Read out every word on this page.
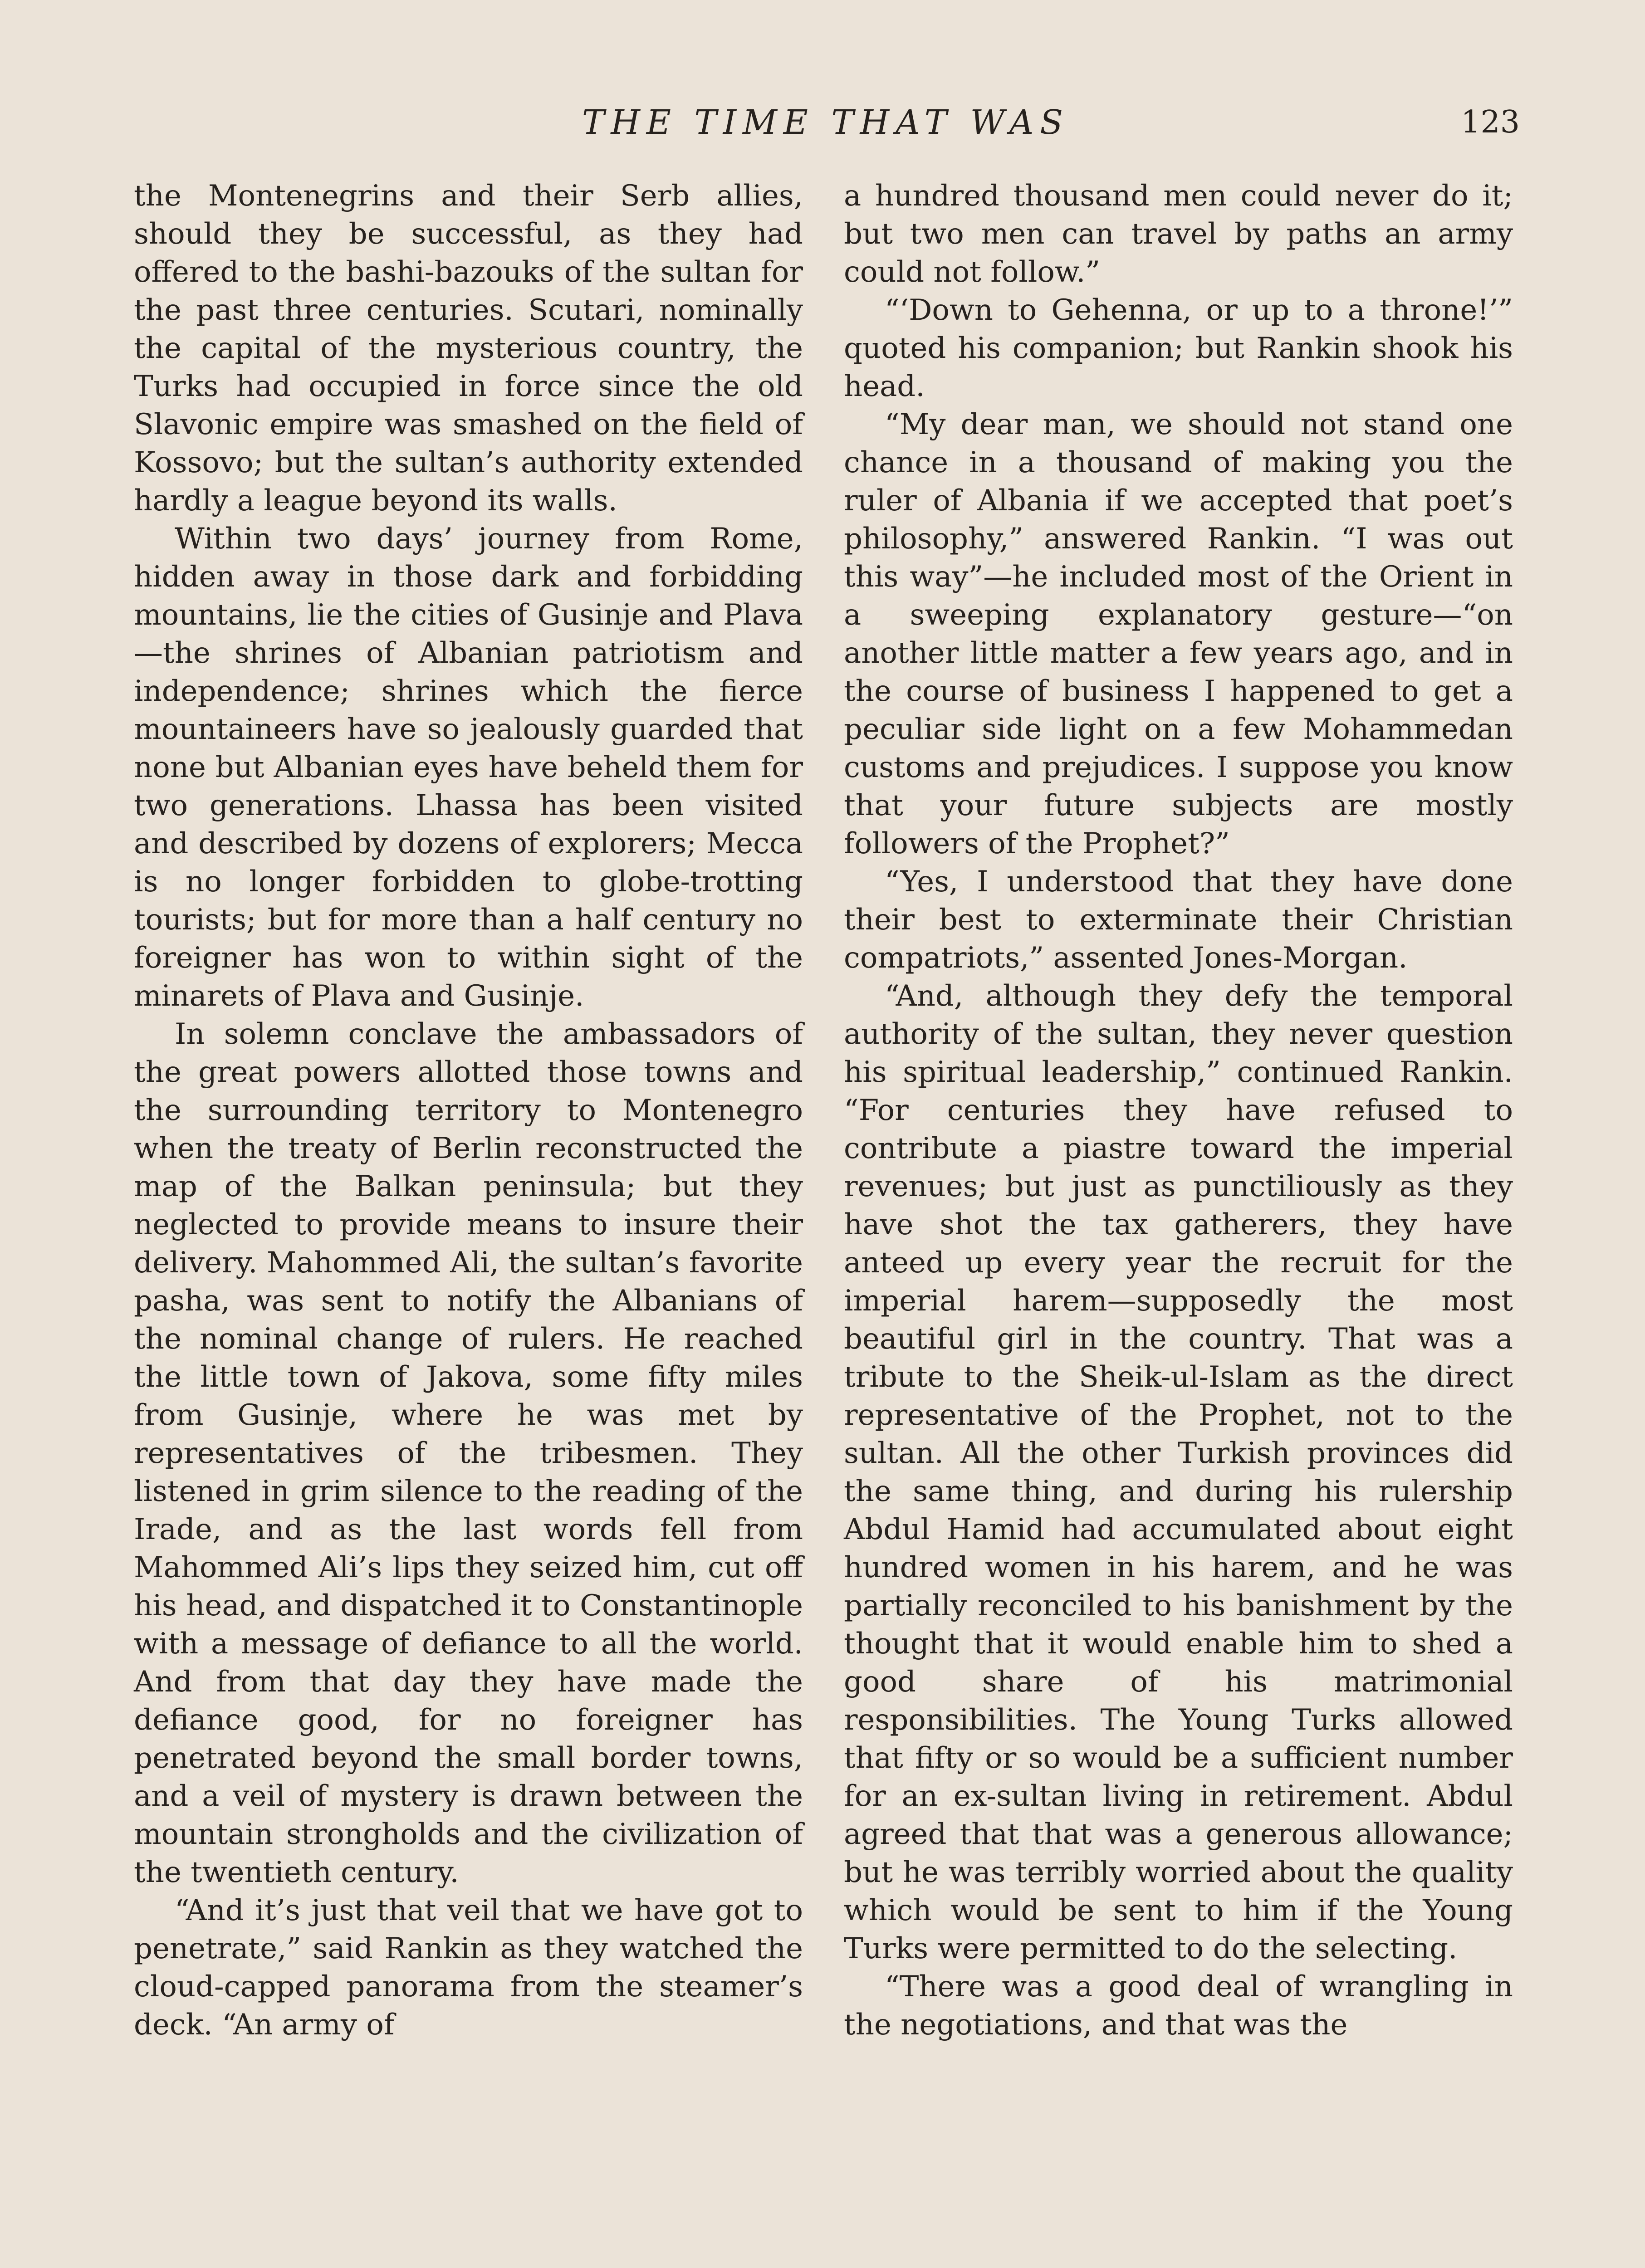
THE TIME THAT WAS	123

the Montenegrins and their Serb allies, should they be successful, as they had offered to the bashi-bazouks of the sultan for the past three centuries. Scutari, nominally the capital of the mysterious country, the Turks had occupied in force since the old Slavonic empire was smashed on the field of Kossovo; but the sultan’s authority extended hardly a league beyond its walls.

Within two days’ journey from Rome, hidden away in those dark and forbidding mountains, lie the cities of Gusinje and Plava—the shrines of Albanian patriotism and independence; shrines which the fierce mountaineers have so jealously guarded that none but Albanian eyes have beheld them for two generations. Lhassa has been visited and described by dozens of explorers; Mecca is no longer forbidden to globe-trotting tourists; but for more than a half century no foreigner has won to within sight of the minarets of Plava and Gusinje.

In solemn conclave the ambassadors of the great powers allotted those towns and the surrounding territory to Montenegro when the treaty of Berlin reconstructed the map of the Balkan peninsula; but they neglected to provide means to insure their delivery. Mahommed Ali, the sultan’s favorite pasha, was sent to notify the Albanians of the nominal change of rulers. He reached the little town of Jakova, some fifty miles from Gusinje, where he was met by representatives of the tribesmen. They listened in grim silence to the reading of the Irade, and as the last words fell from Mahommed Ali’s lips they seized him, cut off his head, and dispatched it to Constantinople with a message of defiance to all the world. And from that day they have made the defiance good, for no foreigner has penetrated beyond the small border towns, and a veil of mystery is drawn between the mountain strongholds and the civilization of the twentieth century.

“And it’s just that veil that we have got to penetrate,” said Rankin as they watched the cloud-capped panorama from the steamer’s deck. “An army of

a hundred thousand men could never do it; but two men can travel by paths an army could not follow.”

“‘Down to Gehenna, or up to a throne!’” quoted his companion; but Rankin shook his head.

“My dear man, we should not stand one chance in a thousand of making you the ruler of Albania if we accepted that poet’s philosophy,” answered Rankin. “I was out this way”—he included most of the Orient in a sweeping explanatory gesture—“on another little matter a few years ago, and in the course of business I happened to get a peculiar side light on a few Mohammedan customs and prejudices. I suppose you know that your future subjects are mostly followers of the Prophet?”

“Yes, I understood that they have done their best to exterminate their Christian compatriots,” assented Jones-Morgan.

“And, although they defy the temporal authority of the sultan, they never question his spiritual leadership,” continued Rankin. “For centuries they have refused to contribute a piastre toward the imperial revenues; but just as punctiliously as they have shot the tax gatherers, they have anteed up every year the recruit for the imperial harem—supposedly the most beautiful girl in the country. That was a tribute to the Sheik-ul-Islam as the direct representative of the Prophet, not to the sultan. All the other Turkish provinces did the same thing, and during his rulership Abdul Hamid had accumulated about eight hundred women in his harem, and he was partially reconciled to his banishment by the thought that it would enable him to shed a good share of his matrimonial responsibilities. The Young Turks allowed that fifty or so would be a sufficient number for an ex-sultan living in retirement. Abdul agreed that that was a generous allowance; but he was terribly worried about the quality which would be sent to him if the Young Turks were permitted to do the selecting.

“There was a good deal of wrangling in the negotiations, and that was the
